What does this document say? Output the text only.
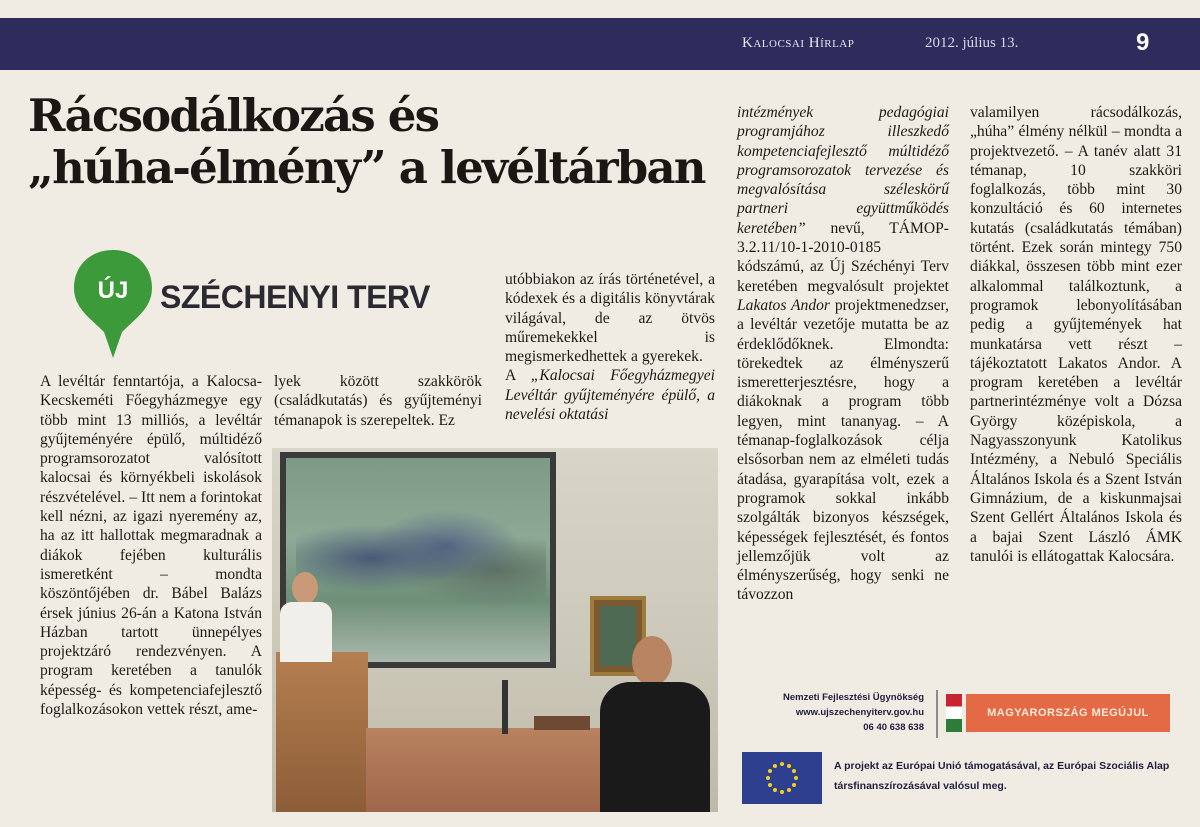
Kalocsai Hírlap	2012. július 13.	9
Rácsodálkozás és
„húha-élmény” a levéltárban
ÚJ SZÉCHENYI TERV

A levéltár fenntartója, a Kalocsa-Kecskeméti Főegyházmegye egy több mint 13 milliós, a levéltár gyűjteményére épülő, múltidéző programsorozatot valósított kalocsai és környékbeli iskolások részvételével. – Itt nem a forintokat kell nézni, az igazi nyeremény az, ha az itt hallottak megmaradnak a diákok fejében kulturális ismeretként – mondta köszöntőjében dr. Bábel Balázs érsek június 26-án a Katona István Házban tartott ünnepélyes projektzáró rendezvényen. A program keretében a tanulók képesség- és kompetenciafejlesztő foglalkozásokon vettek részt, ame-

lyek között szakkörök (családkutatás) és gyűjteményi témanapok is szerepeltek. Ez

utóbbiakon az írás történetével, a kódexek és a digitális könyvtárak világával, de az ötvös műremekekkel is megismerkedhettek a gyerekek.
A „Kalocsai Főegyházmegyei Levéltár gyűjteményére épülő, a nevelési oktatási

intézmények pedagógiai programjához illeszkedő kompetenciafejlesztő múltidéző programsorozatok tervezése és megvalósítása széleskörű partneri együttműködés keretében” nevű, TÁMOP-3.2.11/10-1-2010-0185 kódszámú, az Új Széchényi Terv keretében megvalósult projektet Lakatos Andor projektmenedzser, a levéltár vezetője mutatta be az érdeklődőknek. Elmondta: törekedtek az élményszerű ismeretterjesztésre, hogy a diákoknak a program több legyen, mint tananyag. – A témanap-foglalkozások célja elsősorban nem az elméleti tudás átadása, gyarapítása volt, ezek a programok sokkal inkább szolgálták bizonyos készségek, képességek fejlesztését, és fontos jellemzőjük volt az élményszerűség, hogy senki ne távozzon

valamilyen rácsodálkozás, „húha” élmény nélkül – mondta a projektvezető. – A tanév alatt 31 témanap, 10 szakköri foglalkozás, több mint 30 konzultáció és 60 internetes kutatás (családkutatás témában) történt. Ezek során mintegy 750 diákkal, összesen több mint ezer alkalommal találkoztunk, a programok lebonyolításában pedig a gyűjtemények hat munkatársa vett részt – tájékoztatott Lakatos Andor. A program keretében a levéltár partnerintézménye volt a Dózsa György középiskola, a Nagyasszonyunk Katolikus Intézmény, a Nebuló Speciális Általános Iskola és a Szent István Gimnázium, de a kiskunmajsai Szent Gellért Általános Iskola és a bajai Szent László ÁMK tanulói is ellátogattak Kalocsára.

Nemzeti Fejlesztési Ügynökség
www.ujszechenyiterv.gov.hu
06 40 638 638
MAGYARORSZÁG MEGÚJUL
A projekt az Európai Unió támogatásával, az Európai Szociális Alap társfinanszírozásával valósul meg.
